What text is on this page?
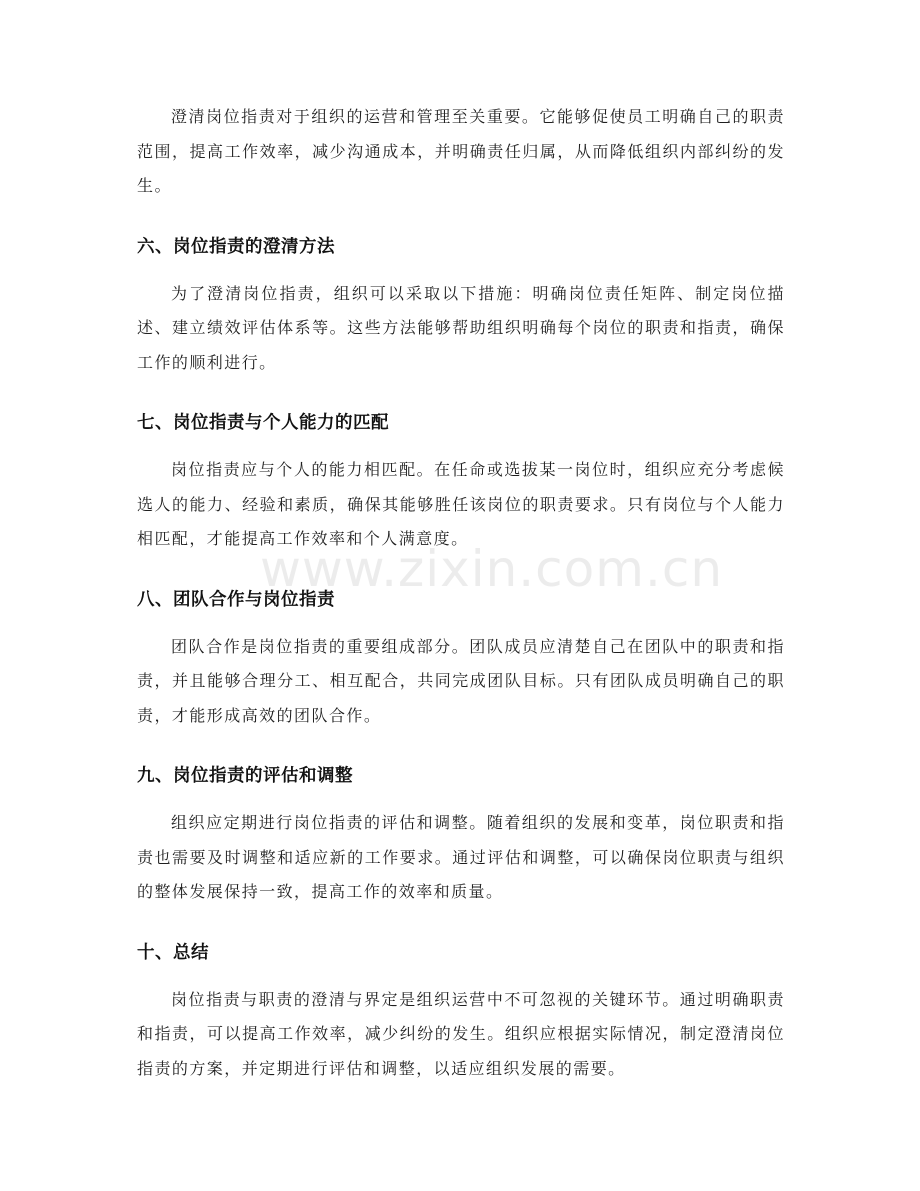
www.zixin.com.cn

澄清岗位指责对于组织的运营和管理至关重要。它能够促使员工明确自己的职责范围，提高工作效率，减少沟通成本，并明确责任归属，从而降低组织内部纠纷的发生。

六、岗位指责的澄清方法

为了澄清岗位指责，组织可以采取以下措施：明确岗位责任矩阵、制定岗位描述、建立绩效评估体系等。这些方法能够帮助组织明确每个岗位的职责和指责，确保工作的顺利进行。

七、岗位指责与个人能力的匹配

岗位指责应与个人的能力相匹配。在任命或选拔某一岗位时，组织应充分考虑候选人的能力、经验和素质，确保其能够胜任该岗位的职责要求。只有岗位与个人能力相匹配，才能提高工作效率和个人满意度。

八、团队合作与岗位指责

团队合作是岗位指责的重要组成部分。团队成员应清楚自己在团队中的职责和指责，并且能够合理分工、相互配合，共同完成团队目标。只有团队成员明确自己的职责，才能形成高效的团队合作。

九、岗位指责的评估和调整

组织应定期进行岗位指责的评估和调整。随着组织的发展和变革，岗位职责和指责也需要及时调整和适应新的工作要求。通过评估和调整，可以确保岗位职责与组织的整体发展保持一致，提高工作的效率和质量。

十、总结

岗位指责与职责的澄清与界定是组织运营中不可忽视的关键环节。通过明确职责和指责，可以提高工作效率，减少纠纷的发生。组织应根据实际情况，制定澄清岗位指责的方案，并定期进行评估和调整，以适应组织发展的需要。
